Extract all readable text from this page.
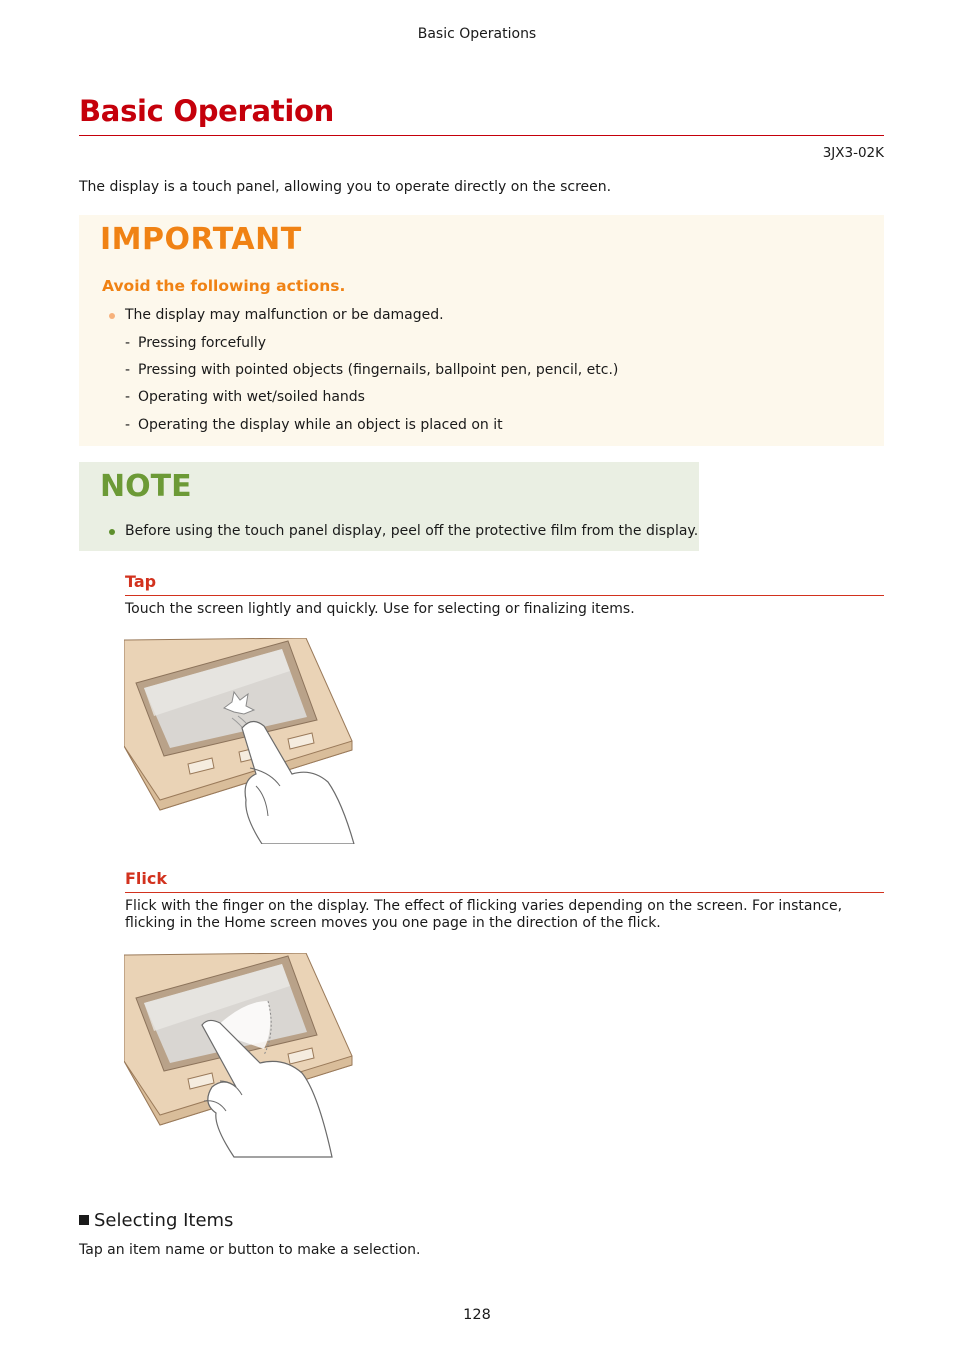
Basic Operations
Basic Operation
3JX3-02K
The display is a touch panel, allowing you to operate directly on the screen.
IMPORTANT
Avoid the following actions.
The display may malfunction or be damaged.
- Pressing forcefully
- Pressing with pointed objects (fingernails, ballpoint pen, pencil, etc.)
- Operating with wet/soiled hands
- Operating the display while an object is placed on it
NOTE
Before using the touch panel display, peel off the protective film from the display.
Tap
Touch the screen lightly and quickly. Use for selecting or finalizing items.
Flick
Flick with the finger on the display. The effect of flicking varies depending on the screen. For instance, flicking in the Home screen moves you one page in the direction of the flick.
Selecting Items
Tap an item name or button to make a selection.
128
